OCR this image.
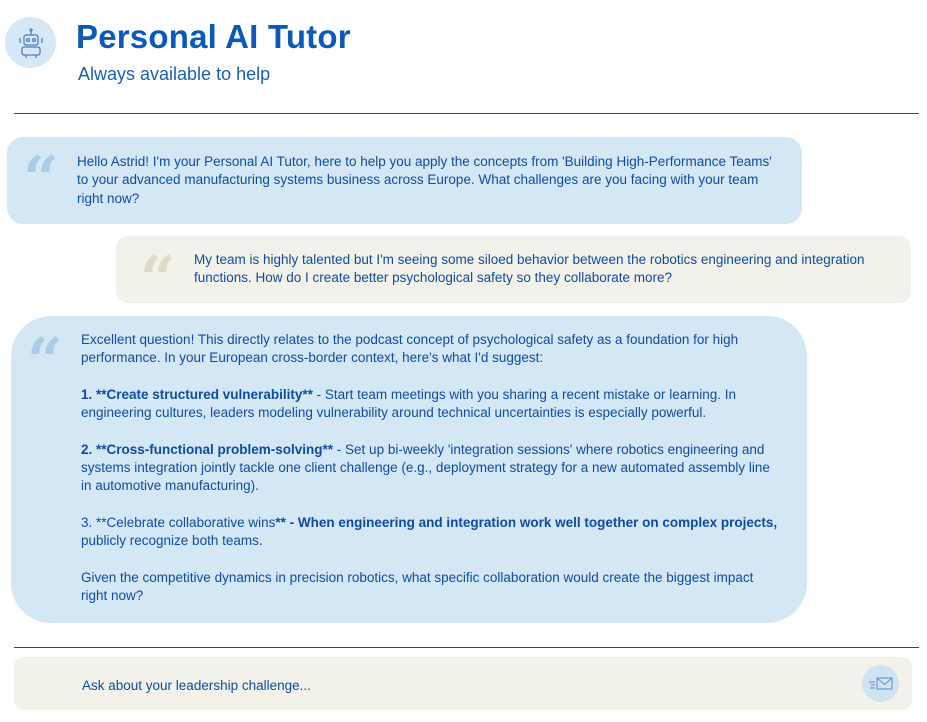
Personal AI Tutor
Always available to help
“ Hello Astrid! I'm your Personal AI Tutor, here to help you apply the concepts from 'Building High-Performance Teams' to your advanced manufacturing systems business across Europe. What challenges are you facing with your team right now?

“ My team is highly talented but I'm seeing some siloed behavior between the robotics engineering and integration functions. How do I create better psychological safety so they collaborate more?

“ Excellent question! This directly relates to the podcast concept of psychological safety as a foundation for high performance. In your European cross-border context, here's what I'd suggest:

1. **Create structured vulnerability** - Start team meetings with you sharing a recent mistake or learning. In engineering cultures, leaders modeling vulnerability around technical uncertainties is especially powerful.

2. **Cross-functional problem-solving** - Set up bi-weekly 'integration sessions' where robotics engineering and systems integration jointly tackle one client challenge (e.g., deployment strategy for a new automated assembly line in automotive manufacturing).

3. **Celebrate collaborative wins** - When engineering and integration work well together on complex projects, publicly recognize both teams.

Given the competitive dynamics in precision robotics, what specific collaboration would create the biggest impact right now?

Ask about your leadership challenge...
